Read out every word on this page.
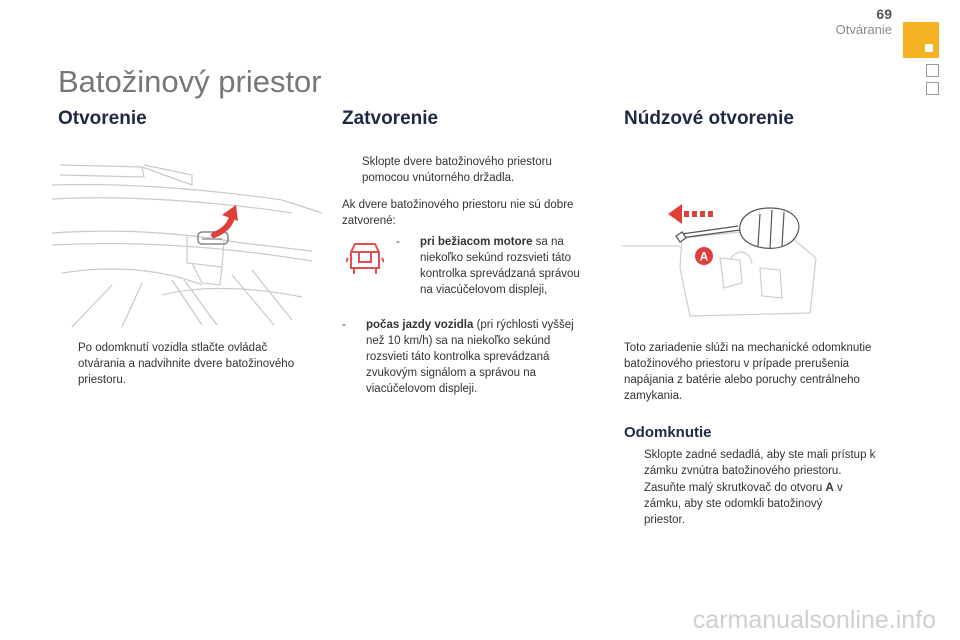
69
Otváranie
Batožinový priestor
Otvorenie
Po odomknutí vozidla stlačte ovládač otvárania a nadvihnite dvere batožinového priestoru.
Zatvorenie
Sklopte dvere batožinového priestoru pomocou vnútorného držadla.
Ak dvere batožinového priestoru nie sú dobre zatvorené:
- pri bežiacom motore sa na niekoľko sekúnd rozsvieti táto kontrolka sprevádzaná správou na viacúčelovom displeji,
- počas jazdy vozidla (pri rýchlosti vyššej než 10 km/h) sa na niekoľko sekúnd rozsvieti táto kontrolka sprevádzaná zvukovým signálom a správou na viacúčelovom displeji.
Núdzové otvorenie
A
Toto zariadenie slúži na mechanické odomknutie batožinového priestoru v prípade prerušenia napájania z batérie alebo poruchy centrálneho zamykania.
Odomknutie
Sklopte zadné sedadlá, aby ste mali prístup k zámku zvnútra batožinového priestoru.
Zasuňte malý skrutkovač do otvoru A v zámku, aby ste odomkli batožinový priestor.
carmanualsonline.info
